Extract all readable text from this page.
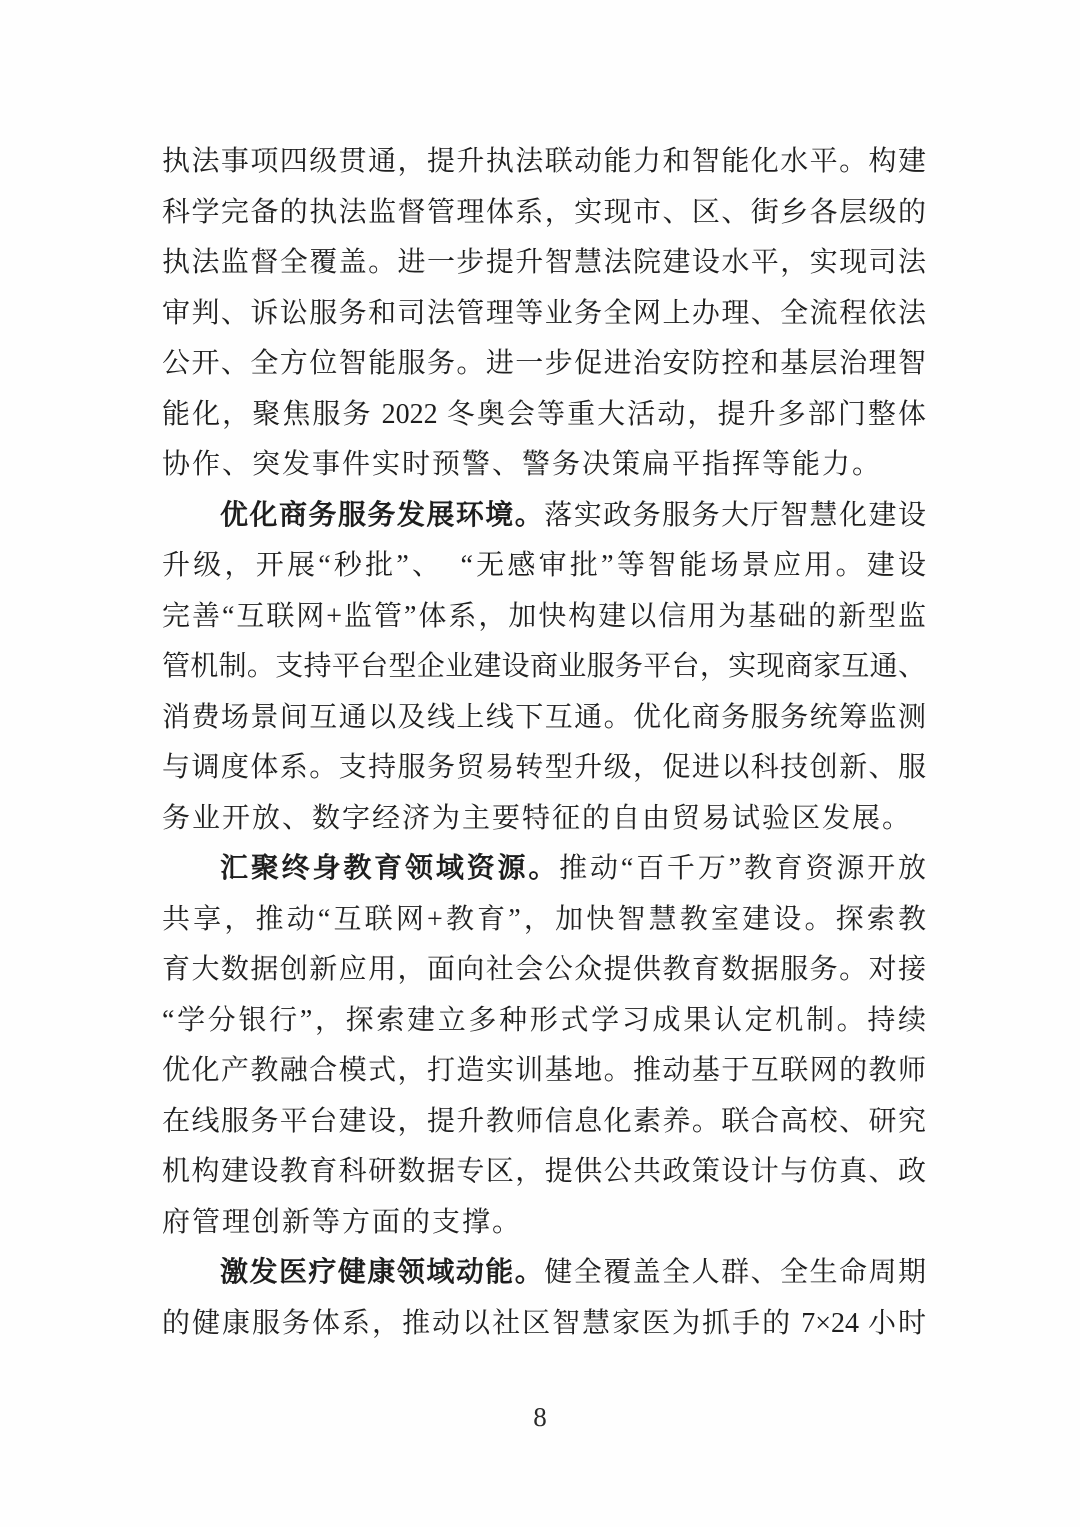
执法事项四级贯通，提升执法联动能力和智能化水平。构建
科学完备的执法监督管理体系，实现市、区、街乡各层级的
执法监督全覆盖。进一步提升智慧法院建设水平，实现司法
审判、诉讼服务和司法管理等业务全网上办理、全流程依法
公开、全方位智能服务。进一步促进治安防控和基层治理智
能化，聚焦服务 2022 冬奥会等重大活动，提升多部门整体
协作、突发事件实时预警、警务决策扁平指挥等能力。
优化商务服务发展环境。落实政务服务大厅智慧化建设
升级，开展“秒批”、　“无感审批”等智能场景应用。建设
完善“互联网+监管”体系，加快构建以信用为基础的新型监
管机制。支持平台型企业建设商业服务平台，实现商家互通、
消费场景间互通以及线上线下互通。优化商务服务统筹监测
与调度体系。支持服务贸易转型升级，促进以科技创新、服
务业开放、数字经济为主要特征的自由贸易试验区发展。
汇聚终身教育领域资源。推动“百千万”教育资源开放
共享，推动“互联网+教育”，加快智慧教室建设。探索教
育大数据创新应用，面向社会公众提供教育数据服务。对接
“学分银行”，探索建立多种形式学习成果认定机制。持续
优化产教融合模式，打造实训基地。推动基于互联网的教师
在线服务平台建设，提升教师信息化素养。联合高校、研究
机构建设教育科研数据专区，提供公共政策设计与仿真、政
府管理创新等方面的支撑。
激发医疗健康领域动能。健全覆盖全人群、全生命周期
的健康服务体系，推动以社区智慧家医为抓手的 7×24 小时
8
